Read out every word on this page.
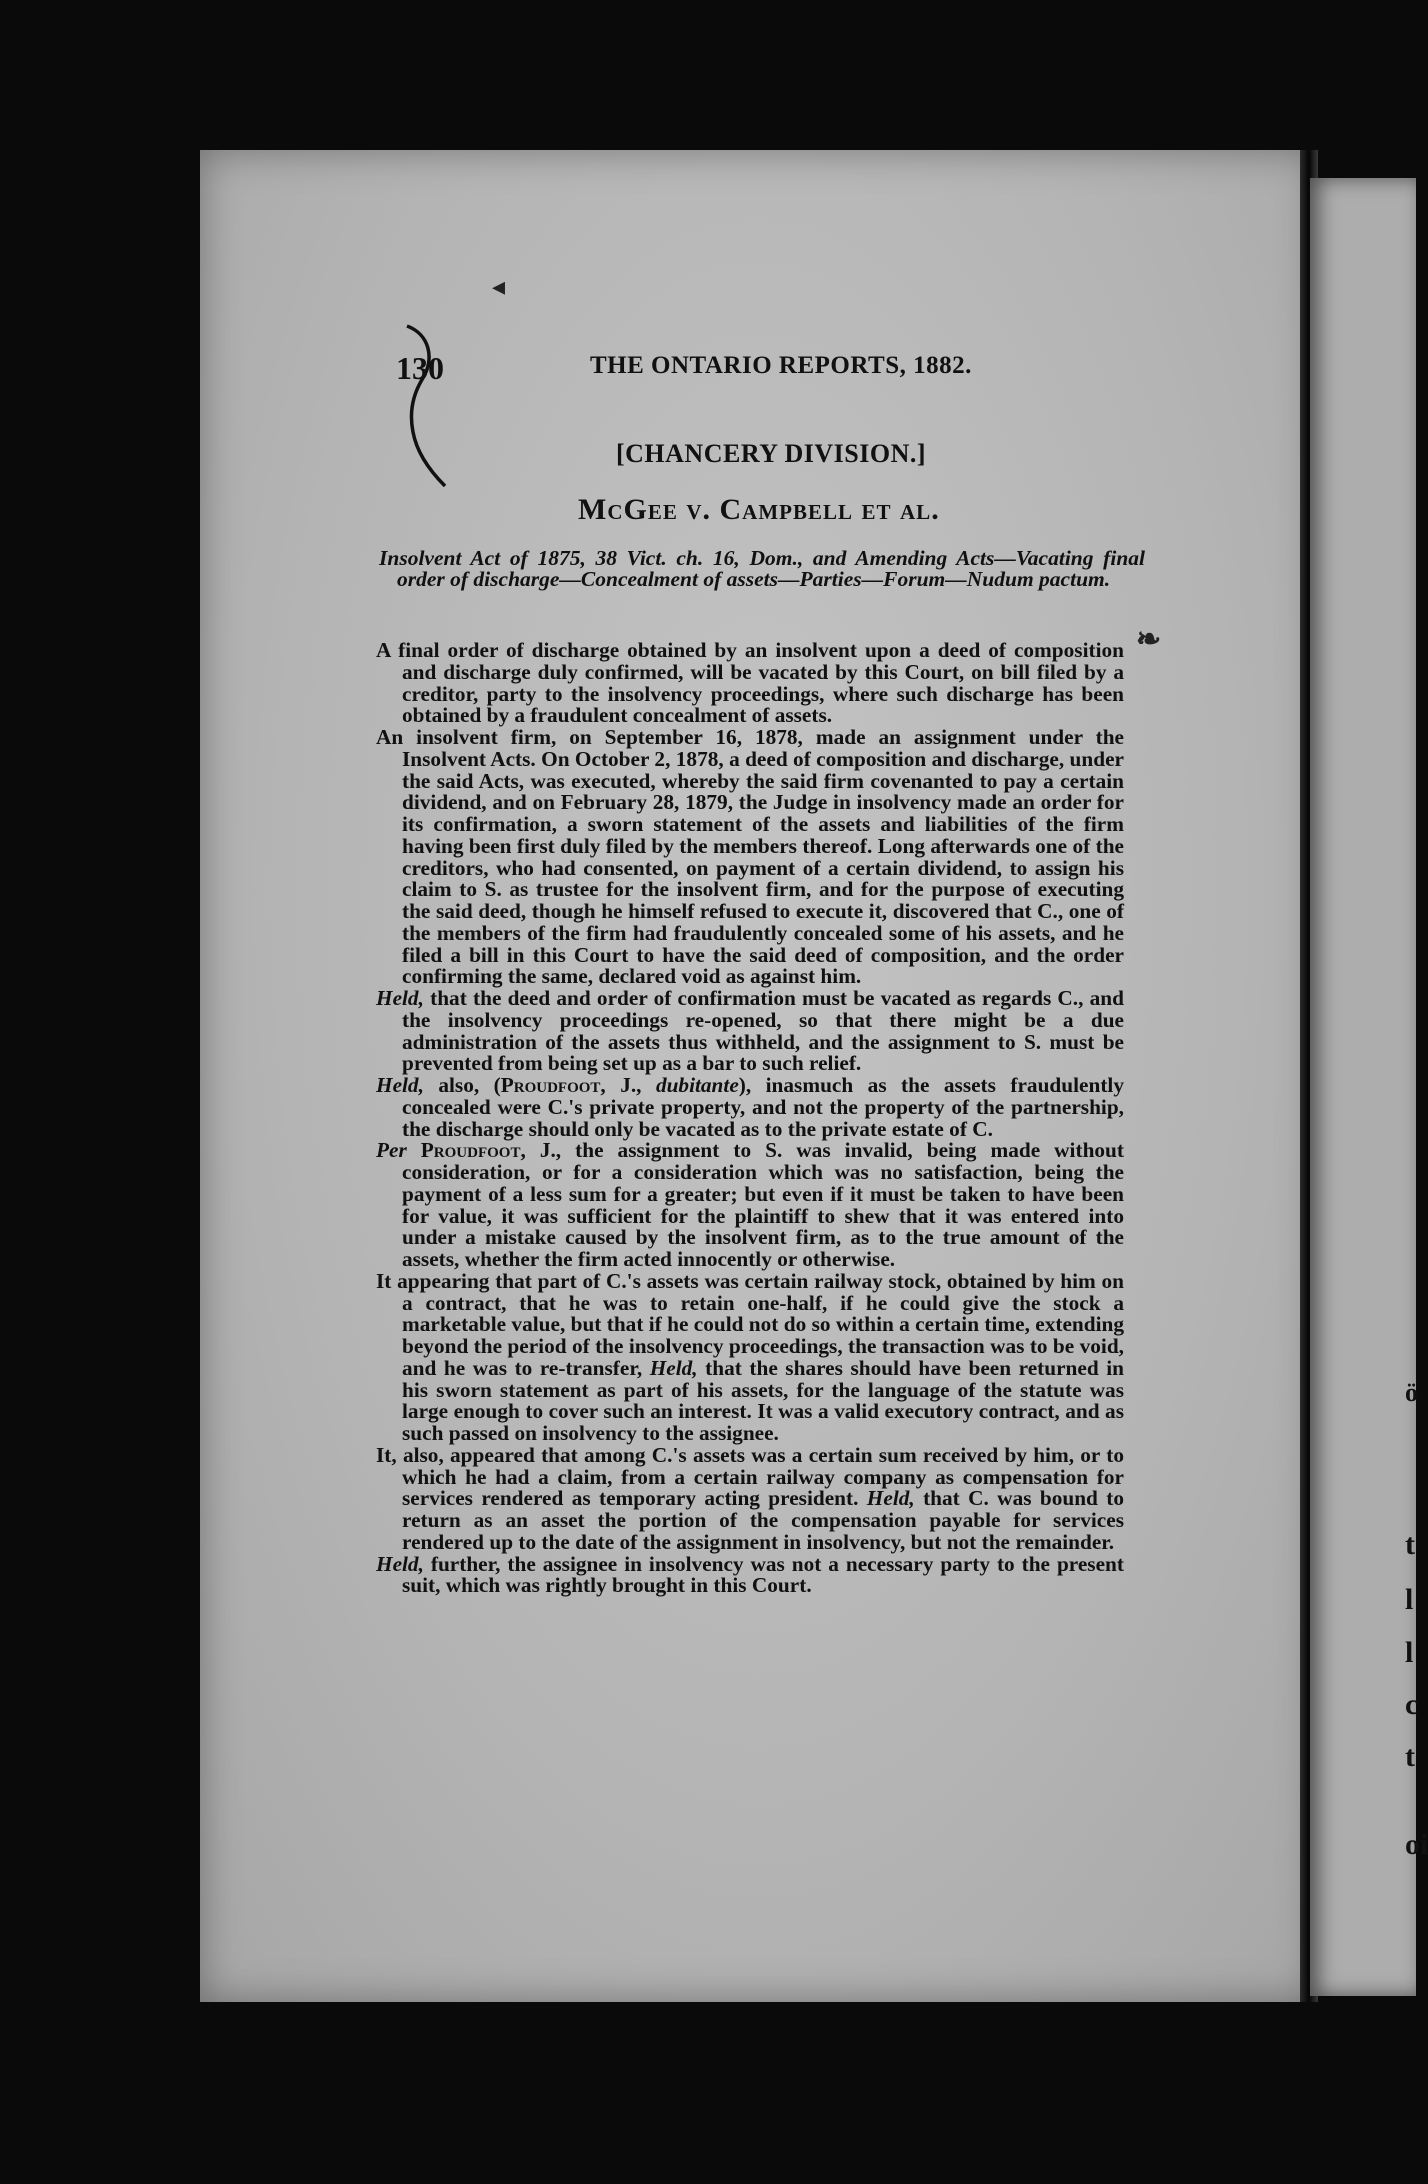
ö
t
l
l
c
t
oi
130	THE ONTARIO REPORTS, 1882.
[CHANCERY DIVISION.]
McGee v. Campbell et al.

Insolvent Act of 1875, 38 Vict. ch. 16, Dom., and Amending Acts—Vacating final order of discharge—Concealment of assets—Parties—Forum—Nudum pactum.

A final order of discharge obtained by an insolvent upon a deed of composition and discharge duly confirmed, will be vacated by this Court, on bill filed by a creditor, party to the insolvency proceedings, where such discharge has been obtained by a fraudulent concealment of assets.

An insolvent firm, on September 16, 1878, made an assignment under the Insolvent Acts. On October 2, 1878, a deed of composition and discharge, under the said Acts, was executed, whereby the said firm covenanted to pay a certain dividend, and on February 28, 1879, the Judge in insolvency made an order for its confirmation, a sworn statement of the assets and liabilities of the firm having been first duly filed by the members thereof. Long afterwards one of the creditors, who had consented, on payment of a certain dividend, to assign his claim to S. as trustee for the insolvent firm, and for the purpose of executing the said deed, though he himself refused to execute it, discovered that C., one of the members of the firm had fraudulently concealed some of his assets, and he filed a bill in this Court to have the said deed of composition, and the order confirming the same, declared void as against him.

Held, that the deed and order of confirmation must be vacated as regards C., and the insolvency proceedings re-opened, so that there might be a due administration of the assets thus withheld, and the assignment to S. must be prevented from being set up as a bar to such relief.

Held, also, (Proudfoot, J., dubitante), inasmuch as the assets fraudulently concealed were C.'s private property, and not the property of the partnership, the discharge should only be vacated as to the private estate of C.

Per Proudfoot, J., the assignment to S. was invalid, being made without consideration, or for a consideration which was no satisfaction, being the payment of a less sum for a greater; but even if it must be taken to have been for value, it was sufficient for the plaintiff to shew that it was entered into under a mistake caused by the insolvent firm, as to the true amount of the assets, whether the firm acted innocently or otherwise.

It appearing that part of C.'s assets was certain railway stock, obtained by him on a contract, that he was to retain one-half, if he could give the stock a marketable value, but that if he could not do so within a certain time, extending beyond the period of the insolvency proceedings, the transaction was to be void, and he was to re-transfer, Held, that the shares should have been returned in his sworn statement as part of his assets, for the language of the statute was large enough to cover such an interest. It was a valid executory contract, and as such passed on insolvency to the assignee.

It, also, appeared that among C.'s assets was a certain sum received by him, or to which he had a claim, from a certain railway company as compensation for services rendered as temporary acting president. Held, that C. was bound to return as an asset the portion of the compensation payable for services rendered up to the date of the assignment in insolvency, but not the remainder.

Held, further, the assignee in insolvency was not a necessary party to the present suit, which was rightly brought in this Court.

◂
❧
